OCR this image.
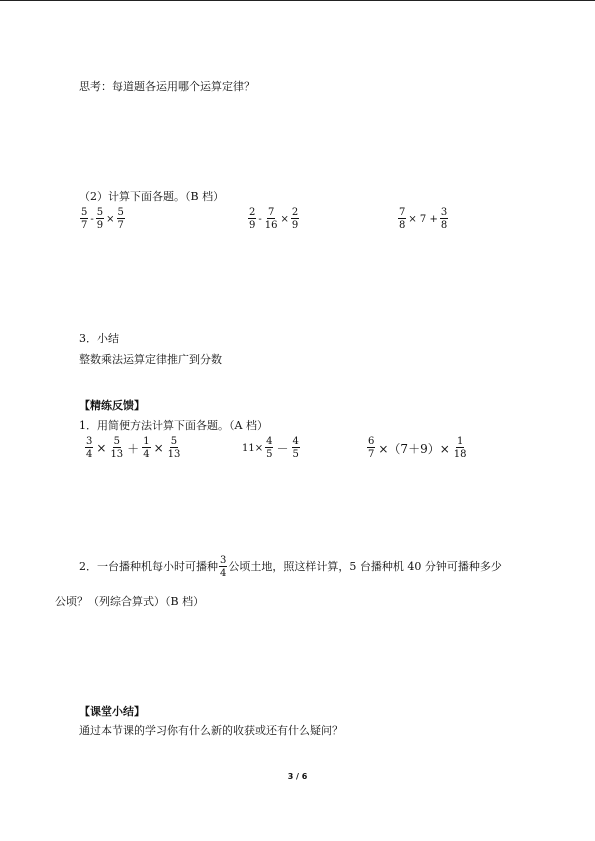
思考：每道题各运用哪个运算定律？
（2）计算下面各题。（B 档）
$\frac{5}{7} - \frac{5}{9} \times \frac{5}{7}$	$\frac{2}{9} - \frac{7}{16} \times \frac{2}{9}$	$\frac{7}{8} \times 7 + \frac{3}{8}$
3．小结
整数乘法运算定律推广到分数
【精练反馈】
1．用简便方法计算下面各题。（A 档）
$\frac{3}{4} \times \frac{5}{13} + \frac{1}{4} \times \frac{5}{13}$	$11\times \frac{4}{5} - \frac{4}{5}$	$\frac{6}{7} \times(7+9)\times \frac{1}{18}$
2．一台播种机每小时可播种 $\frac{3}{4}$ 公顷土地，照这样计算，5 台播种机 40 分钟可播种多少
公顷？（列综合算式）（B 档）
【课堂小结】
通过本节课的学习你有什么新的收获或还有什么疑问？
3 / 6
